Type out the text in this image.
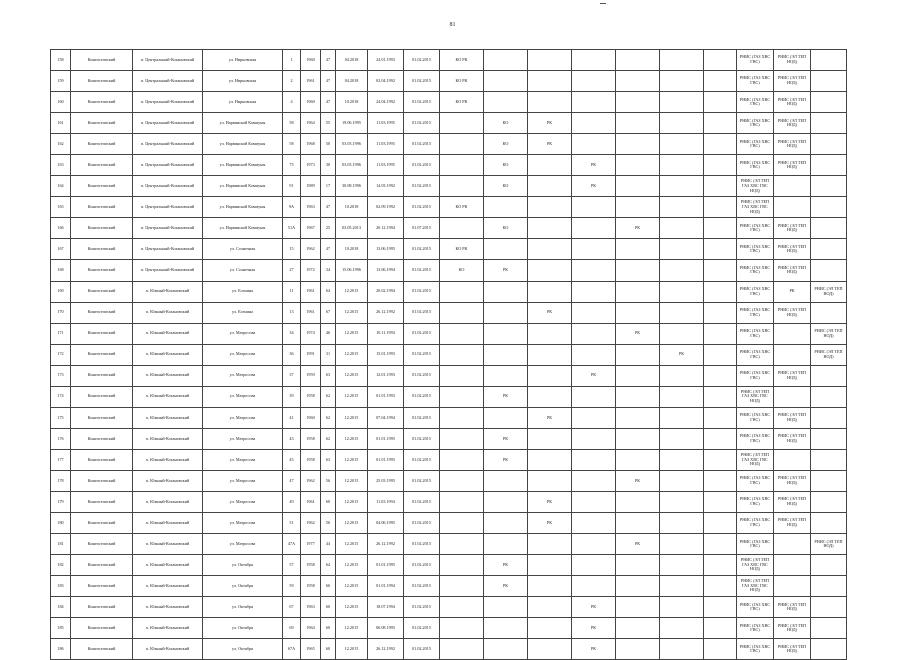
81
158	Кингисеппский	п. Центральный-Кохановский	ул. Нирновская	1	1960	47	04.2018	24.01.1993	01.02.2015	КО РК							РНИС (ГАЗ ХВС ГВС)	РНИС (ЭЛ ТЕП НОД)	
159	Кингисеппский	п. Центральный-Кохановский	ул. Нирновская	2	1961	47	04.2018	02.04.1992	01.02.2015	КО РК							РНИС (ГАЗ ХВС ГВС)	РНИС (ЭЛ ТЕП НОД)	
160	Кингисеппский	п. Центральный-Кохановский	ул. Нирновская	4	1960	47	10.2018	24.04.1992	01.02.2015	КО РК							РНИС (ГАЗ ХВС ГВС)	РНИС (ЭЛ ТЕП НОД)	
161	Кингисеппский	п. Центральный-Кохановский	ул. Нарвинской Коммуны	58	1964	55	19.06.1995	11.03.1995	01.02.2015		КО	РК					РНИС (ГАЗ ХВС ГВС)	РНИС (ЭЛ ТЕП НОД)	
162	Кингисеппский	п. Центральный-Кохановский	ул. Нарвинской Коммуны	58	1968	50	03.03.1996	11.03.1995	01.02.2015		КО	РК					РНИС (ГАЗ ХВС ГВС)	РНИС (ЭЛ ТЕП НОД)	
163	Кингисеппский	п. Центральный-Кохановский	ул. Нарвинской Коммуны	75	1973	30	03.03.1996	11.03.1995	01.02.2015		КО		РК				РНИС (ГАЗ ХВС ГВС)	РНИС (ЭЛ ТЕП НОД)	
164	Кингисеппский	п. Центральный-Кохановский	ул. Нарвинской Коммуны	91	1989	17	30.08.1996	14.03.1992	01.02.2015		КО		РК				РНИС (ЭЛ ТЕП ГАЗ ХВС ГВС НОД)		
165	Кингисеппский	п. Центральный-Кохановский	ул. Нарвинской Коммуны	9А	1963	47	10.2018	02.09.1992	01.02.2015	КО РК							РНИС (ЭЛ ТЕП ГАЗ ХВС ГВС НОД)		
166	Кингисеппский	п. Центральный-Кохановский	ул. Нарвинской Коммуны	51А	1967	25	03.05.2013	20.12.1994	01.07.2015		КО			РК			РНИС (ГАЗ ХВС ГВС)	РНИС (ЭЛ ТЕП НОД)	
167	Кингисеппский	п. Центральный-Кохановский	ул. Солнечная	15	1962	47	10.2018	13.06.1995	01.02.2015	КО РК							РНИС (ГАЗ ХВС ГВС)	РНИС (ЭЛ ТЕП НОД)	
168	Кингисеппский	п. Центральный-Кохановский	ул. Солнечная	27	1972	34	15.06.1996	13.06.1994	01.02.2015	КО	РК						РНИС (ГАЗ ХВС ГВС)	РНИС (ЭЛ ТЕП НОД)	
169	Кингисеппский	п. Южный-Кохановский	ул. Есенина	11	1961	64	12.2015	20.02.1994	01.02.2015								РНИС (ГАЗ ХВС ГВС)	РК	РНИС (ЭЛ ТЕП НОД)
170	Кингисеппский	п. Южный-Кохановский	ул. Есенина	13	1961	67	12.2015	26.12.1992	01.02.2015			РК					РНИС (ГАЗ ХВС ГВС)	РНИС (ЭЛ ТЕП НОД)	
171	Кингисеппский	п. Южный-Кохановский	ул. Матросова	34	1974	46	12.2015	10.11.1994	01.02.2015					РК			РНИС (ГАЗ ХВС ГВС)		РНИС (ЭЛ ТЕП НОД)
172	Кингисеппский	п. Южный-Кохановский	ул. Матросова	36	1991	31	12.2015	15.01.1993	01.02.2015						РК		РНИС (ГАЗ ХВС ГВС)		РНИС (ЭЛ ТЕП НОД)
173	Кингисеппский	п. Южный-Кохановский	ул. Матросова	37	1959	63	12.2015	12.01.1993	01.02.2015				РК				РНИС (ГАЗ ХВС ГВС)	РНИС (ЭЛ ТЕП НОД)	
174	Кингисеппский	п. Южный-Кохановский	ул. Матросова	39	1958	62	12.2015	01.01.1993	01.02.2015		РК						РНИС (ЭЛ ТЕП ГАЗ ХВС ГВС НОД)		
175	Кингисеппский	п. Южный-Кохановский	ул. Матросова	41	1960	62	12.2015	07.04.1994	01.02.2015			РК					РНИС (ГАЗ ХВС ГВС)	РНИС (ЭЛ ТЕП НОД)	
176	Кингисеппский	п. Южный-Кохановский	ул. Матросова	43	1958	62	12.2015	01.01.1995	01.02.2015		РК						РНИС (ГАЗ ХВС ГВС)	РНИС (ЭЛ ТЕП НОД)	
177	Кингисеппский	п. Южный-Кохановский	ул. Матросова	45	1958	63	12.2015	01.01.1995	01.02.2015		РК						РНИС (ЭЛ ТЕП ГАЗ ХВС ГВС НОД)		
178	Кингисеппский	п. Южный-Кохановский	ул. Матросова	47	1962	56	12.2015	25.03.1995	01.02.2015					РК			РНИС (ГАЗ ХВС ГВС)	РНИС (ЭЛ ТЕП НОД)	
179	Кингисеппский	п. Южный-Кохановский	ул. Матросова	49	1961	60	12.2015	11.03.1994	01.02.2015			РК					РНИС (ГАЗ ХВС ГВС)	РНИС (ЭЛ ТЕП НОД)	
180	Кингисеппский	п. Южный-Кохановский	ул. Матросова	51	1962	56	12.2015	04.06.1995	01.02.2015			РК					РНИС (ГАЗ ХВС ГВС)	РНИС (ЭЛ ТЕП НОД)	
181	Кингисеппский	п. Южный-Кохановский	ул. Матросова	47А	1977	44	12.2015	26.12.1992	01.02.2015					РК			РНИС (ГАЗ ХВС ГВС)		РНИС (ЭЛ ТЕП НОД)
182	Кингисеппский	п. Южный-Кохановский	ул. Октября	57	1958	64	12.2015	01.01.1995	01.02.2015		РК						РНИС (ЭЛ ТЕП ГАЗ ХВС ГВС НОД)		
183	Кингисеппский	п. Южный-Кохановский	ул. Октября	59	1958	66	12.2015	01.01.1994	01.02.2015		РК						РНИС (ЭЛ ТЕП ГАЗ ХВС ГВС НОД)		
184	Кингисеппский	п. Южный-Кохановский	ул. Октября	67	1963	60	12.2015	18.07.1994	01.02.2015				РК				РНИС (ГАЗ ХВС ГВС)	РНИС (ЭЛ ТЕП НОД)	
185	Кингисеппский	п. Южный-Кохановский	ул. Октября	69	1964	60	12.2015	06.08.1995	01.02.2015				РК				РНИС (ГАЗ ХВС ГВС)	РНИС (ЭЛ ТЕП НОД)	
186	Кингисеппский	п. Южный-Кохановский	ул. Октября	67А	1965	60	12.2015	26.12.1992	01.02.2015				РК				РНИС (ГАЗ ХВС ГВС)	РНИС (ЭЛ ТЕП НОД)	
